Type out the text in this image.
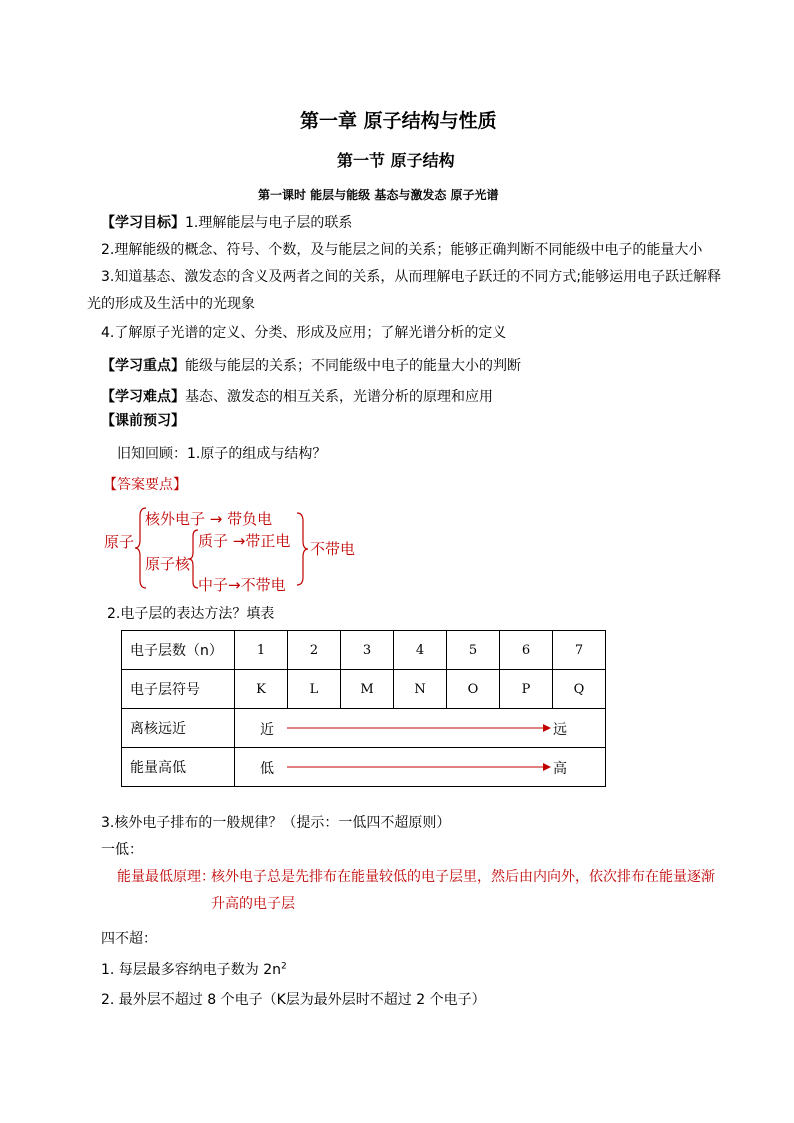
第一章 原子结构与性质
第一节 原子结构
第一课时 能层与能级 基态与激发态 原子光谱
【学习目标】1.理解能层与电子层的联系
2.理解能级的概念、符号、个数，及与能层之间的关系；能够正确判断不同能级中电子的能量大小
3.知道基态、激发态的含义及两者之间的关系，从而理解电子跃迁的不同方式;能够运用电子跃迁解释
光的形成及生活中的光现象
4.了解原子光谱的定义、分类、形成及应用；了解光谱分析的定义
【学习重点】能级与能层的关系；不同能级中电子的能量大小的判断
【学习难点】基态、激发态的相互关系，光谱分析的原理和应用
【课前预习】
旧知回顾：1.原子的组成与结构？
【答案要点】
原子
核外电子 → 带负电
原子核
质子 →带正电
中子→不带电
不带电
2.电子层的表达方法？填表
电子层数（n）	1	2	3	4	5	6	7
电子层符号	K	L	M	N	O	P	Q
离核远近	近 远						

能量高低	低 高						
3.核外电子排布的一般规律？（提示：一低四不超原则）
一低：
能量最低原理：
核外电子总是先排布在能量较低的电子层里，然后由内向外，依次排布在能量逐渐
升高的电子层
四不超：
1. 每层最多容纳电子数为 $2n^2$
2. 最外层不超过 8 个电子（K层为最外层时不超过 2 个电子）
